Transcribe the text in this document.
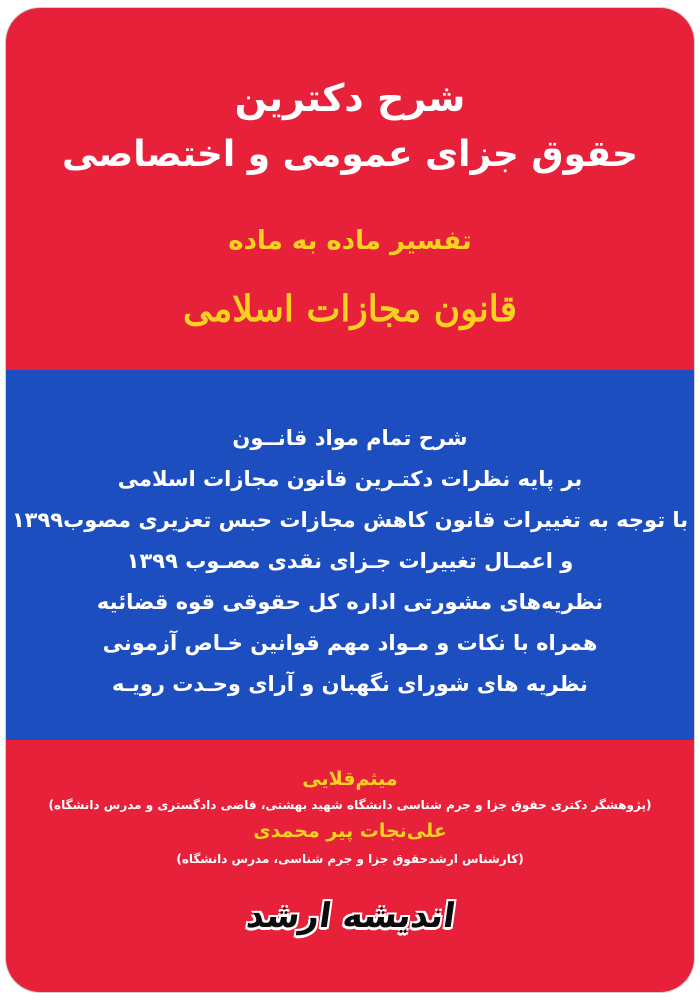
شرح دکترین
حقوق جزای عمومی و اختصاصی
تفسیر ماده به ماده
قانون مجازات اسلامی
شرح تمام مواد قانــون
بر پایه نظرات دکتـرین قانون مجازات اسلامی
با توجه به تغییرات قانون کاهش مجازات حبس تعزیری مصوب۱۳۹۹
و اعمـال تغییرات جـزای نقدی مصـوب ۱۳۹۹
نظریه‌های مشورتی اداره کل حقوقی قوه قضائیه
همراه با نکات و مـواد مهم قوانین خـاص آزمونی
نظریه های شورای نگهبان و آرای وحـدت رویـه
میثم‌قلایی
(پژوهشگر دکتری حقوق جزا و جرم شناسی دانشگاه شهید بهشتی، قاضی دادگستری و مدرس دانشگاه)
علی‌نجات پیر محمدی
(کارشناس ارشدحقوق جزا و جرم شناسی، مدرس دانشگاه)
اندیشه ارشد
